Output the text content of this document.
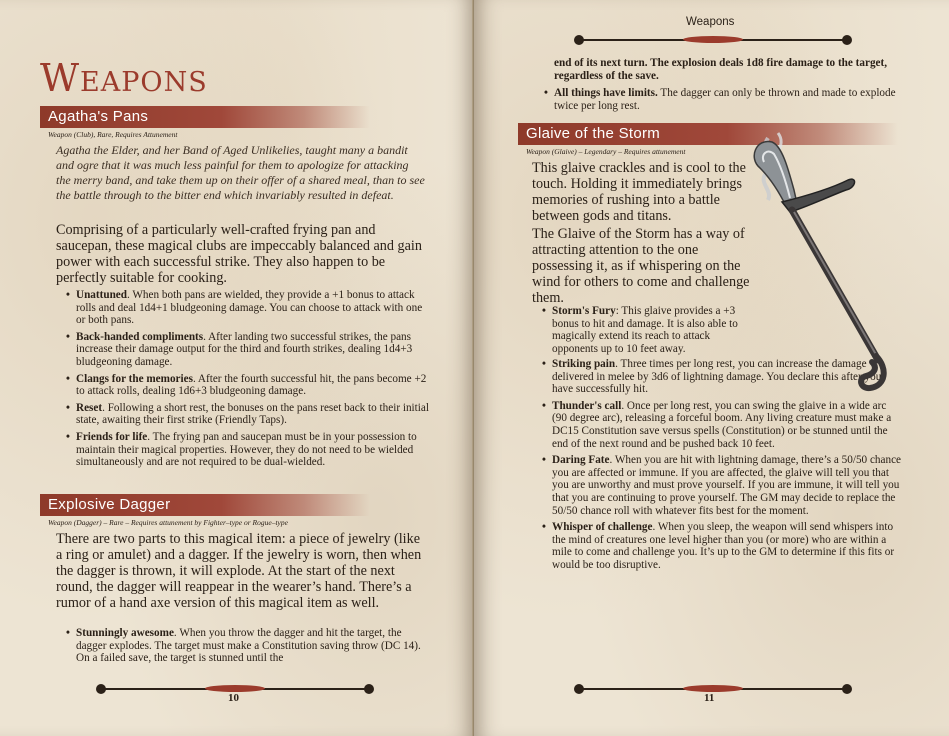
Weapons
Agatha's Pans
Weapon (Club), Rare, Requires Attunement
Agatha the Elder, and her Band of Aged Unlikelies, taught many a bandit and ogre that it was much less painful for them to apologize for attacking the merry band, and take them up on their offer of a shared meal, than to see the battle through to the bitter end which invariably resulted in defeat.
Comprising of a particularly well-crafted frying pan and saucepan, these magical clubs are impeccably balanced and gain power with each successful strike. They also happen to be perfectly suitable for cooking.
• Unattuned. When both pans are wielded, they provide a +1 bonus to attack rolls and deal 1d4+1 bludgeoning damage. You can choose to attack with one or both pans.
• Back-handed compliments. After landing two successful strikes, the pans increase their damage output for the third and fourth strikes, dealing 1d4+3 bludgeoning damage.
• Clangs for the memories. After the fourth successful hit, the pans become +2 to attack rolls, dealing 1d6+3 bludgeoning damage.
• Reset. Following a short rest, the bonuses on the pans reset back to their initial state, awaiting their first strike (Friendly Taps).
• Friends for life. The frying pan and saucepan must be in your possession to maintain their magical properties. However, they do not need to be wielded simultaneously and are not required to be dual-wielded.
Explosive Dagger
Weapon (Dagger) – Rare – Requires attunement by Fighter–type or Rogue–type
There are two parts to this magical item: a piece of jewelry (like a ring or amulet) and a dagger. If the jewelry is worn, then when the dagger is thrown, it will explode. At the start of the next round, the dagger will reappear in the wearer’s hand. There’s a rumor of a hand axe version of this magical item as well.
• Stunningly awesome. When you throw the dagger and hit the target, the dagger explodes. The target must make a Constitution saving throw (DC 14). On a failed save, the target is stunned until the
10
Weapons
end of its next turn. The explosion deals 1d8 fire damage to the target, regardless of the save.
• All things have limits. The dagger can only be thrown and made to explode twice per long rest.
Glaive of the Storm
Weapon (Glaive) – Legendary – Requires attunement
This glaive crackles and is cool to the touch. Holding it immediately brings memories of rushing into a battle between gods and titans.
The Glaive of the Storm has a way of attracting attention to the one possessing it, as if whispering on the wind for others to come and challenge them.
• Storm's Fury: This glaive provides a +3 bonus to hit and damage. It is also able to magically extend its reach to attack opponents up to 10 feet away.
• Striking pain. Three times per long rest, you can increase the damage delivered in melee by 3d6 of lightning damage. You declare this after you have successfully hit.
• Thunder's call. Once per long rest, you can swing the glaive in a wide arc (90 degree arc), releasing a forceful boom. Any living creature must make a DC15 Constitution save versus spells (Constitution) or be stunned until the end of the next round and be pushed back 10 feet.
• Daring Fate. When you are hit with lightning damage, there’s a 50/50 chance you are affected or immune. If you are affected, the glaive will tell you that you are unworthy and must prove yourself. If you are immune, it will tell you that you are continuing to prove yourself. The GM may decide to replace the 50/50 chance roll with whatever fits best for the moment.
• Whisper of challenge. When you sleep, the weapon will send whispers into the mind of creatures one level higher than you (or more) who are within a mile to come and challenge you. It’s up to the GM to determine if this fits or would be too disruptive.
11
